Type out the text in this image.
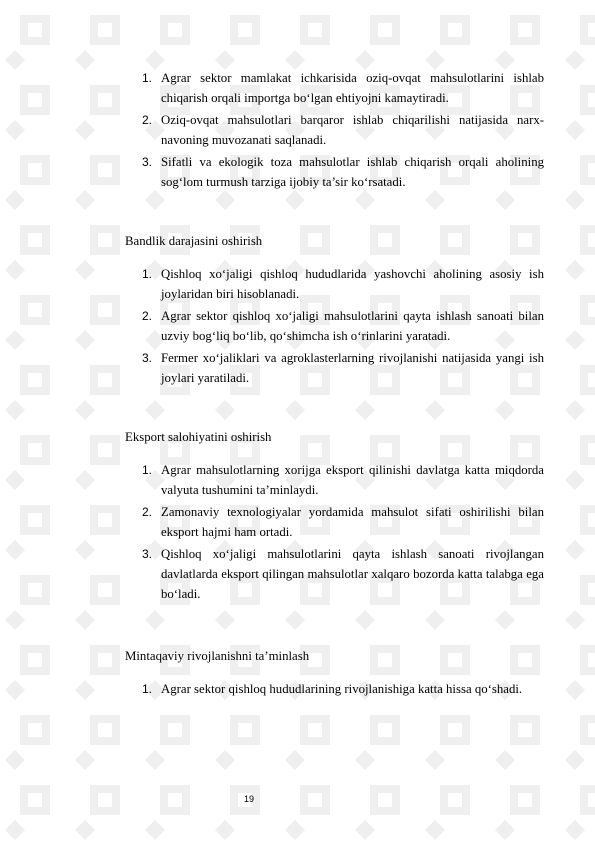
1. Agrar sektor mamlakat ichkarisida oziq-ovqat mahsulotlarini ishlab chiqarish orqali importga bo‘lgan ehtiyojni kamaytiradi.
2. Oziq-ovqat mahsulotlari barqaror ishlab chiqarilishi natijasida narx-navoning muvozanati saqlanadi.
3. Sifatli va ekologik toza mahsulotlar ishlab chiqarish orqali aholining sog‘lom turmush tarziga ijobiy ta’sir ko‘rsatadi.
Bandlik darajasini oshirish
1. Qishloq xo‘jaligi qishloq hududlarida yashovchi aholining asosiy ish joylaridan biri hisoblanadi.
2. Agrar sektor qishloq xo‘jaligi mahsulotlarini qayta ishlash sanoati bilan uzviy bog‘liq bo‘lib, qo‘shimcha ish o‘rinlarini yaratadi.
3. Fermer xo‘jaliklari va agroklasterlarning rivojlanishi natijasida yangi ish joylari yaratiladi.
Eksport salohiyatini oshirish
1. Agrar mahsulotlarning xorijga eksport qilinishi davlatga katta miqdorda valyuta tushumini ta’minlaydi.
2. Zamonaviy texnologiyalar yordamida mahsulot sifati oshirilishi bilan eksport hajmi ham ortadi.
3. Qishloq xo‘jaligi mahsulotlarini qayta ishlash sanoati rivojlangan davlatlarda eksport qilingan mahsulotlar xalqaro bozorda katta talabga ega bo‘ladi.
Mintaqaviy rivojlanishni ta’minlash
1. Agrar sektor qishloq hududlarining rivojlanishiga katta hissa qo‘shadi.
19
